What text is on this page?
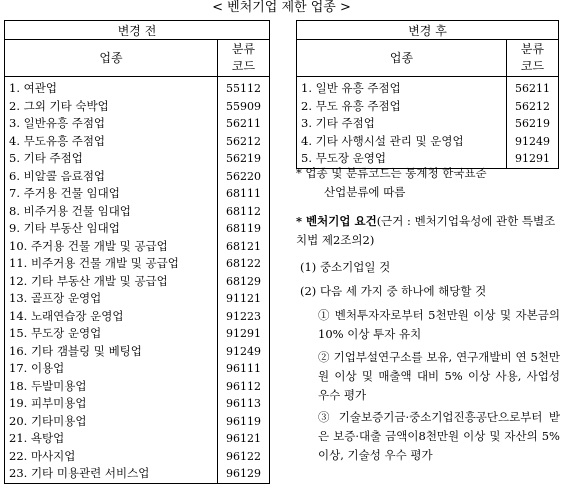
< 벤처기업 제한 업종 >
변경 전	
업종	분류
코드
1. 여관업	55112
2. 그외 기타 숙박업	55909
3. 일반유흥 주점업	56211
4. 무도유흥 주점업	56212
5. 기타 주점업	56219
6. 비알콜 음료점업	56220
7. 주거용 건물 임대업	68111
8. 비주거용 건물 임대업	68112
9. 기타 부동산 임대업	68119
10. 주거용 건물 개발 및 공급업	68121
11. 비주거용 건물 개발 및 공급업	68122
12. 기타 부동산 개발 및 공급업	68129
13. 골프장 운영업	91121
14. 노래연습장 운영업	91223
15. 무도장 운영업	91291
16. 기타 갬블링 및 베팅업	91249
17. 이용업	96111
18. 두발미용업	96112
19. 피부미용업	96113
20. 기타미용업	96119
21. 욕탕업	96121
22. 마사지업	96122
23. 기타 미용관련 서비스업	96129
변경 후	
업종	분류
코드
1. 일반 유흥 주점업	56211
2. 무도 유흥 주점업	56212
3. 기타 주점업	56219
4. 기타 사행시설 관리 및 운영업	91249
5. 무도장 운영업	91291
* 업종 및 분류코드는 통계청 한국표준
산업분류에 따름
* 벤처기업 요건(근거 : 벤처기업육성에 관한 특별조치법 제2조의2)
(1) 중소기업일 것
(2) 다음 세 가지 중 하나에 해당할 것
① 벤처투자자로부터 5천만원 이상 및 자본금의 10% 이상 투자 유치
② 기업부설연구소를 보유, 연구개발비 연 5천만원 이상 및 매출액 대비 5% 이상 사용, 사업성 우수 평가
③ 기술보증기금·중소기업진흥공단으로부터 받은 보증·대출 금액이8천만원 이상 및 자산의 5% 이상, 기술성 우수 평가
